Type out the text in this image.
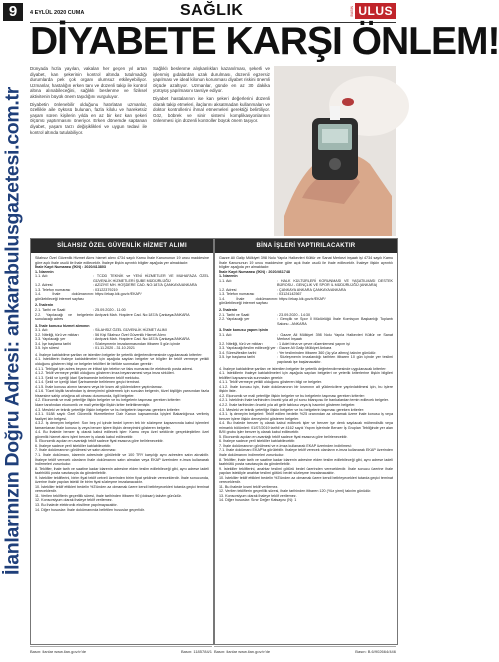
9
İlanlarınızın Doğru Adresi: ankarabulusgazetesi.com.tr
4 EYLÜL 2020 CUMA	SAĞLIK	BASIN ULUS
DİYABETE KARŞI ÖNLEM!

Dünyada hızla yayılan, vakaları her geçen yıl artan diyabet, kan şekerinin kontrol altında tutulmadığı durumlarda pek çok organı olumsuz etkileyebiliyor. Uzmanlar, hastalığın erken tanı ve düzenli takip ile kontrol altına alınabileceğini, sağlıklı beslenme ve fiziksel aktivitenin büyük önem taşıdığını vurguluyor.

Diyabetin önlenebilir olduğunu hatırlatan uzmanlar, özellikle aile öyküsü bulunan, fazla kilolu ve hareketsiz yaşam süren kişilerin yılda en az bir kez kan şekeri ölçümü yaptırmasını öneriyor. Erken dönemde saptanan diyabet, yaşam tarzı değişiklikleri ve uygun tedavi ile kontrol altında tutulabiliyor.

Sağlıklı beslenme alışkanlıkları kazanılması, şekerli ve işlenmiş gıdalardan uzak durulması, düzenli egzersiz yapılması ve ideal kilonun korunması diyabet riskini önemli ölçüde azaltıyor. Uzmanlar, günde en az 30 dakika yürüyüş yapılmasını tavsiye ediyor.

Diyabet hastalarının ise kan şekeri değerlerini düzenli olarak takip etmeleri, ilaçlarını aksatmadan kullanmaları ve doktor kontrollerini ihmal etmemeleri gerektiği belirtiliyor. Göz, böbrek ve sinir sistemi komplikasyonlarının önlenmesi için düzenli kontroller büyük önem taşıyor.

SİLAHSIZ ÖZEL GÜVENLİK HİZMET ALIMI
Silahsız Özel Güvenlik Hizmet Alımı hizmet alımı 4734 sayılı Kamu İhale Kanununun 19 uncu maddesine göre açık ihale usulü ile ihale edilecektir. İhaleye ilişkin ayrıntılı bilgiler aşağıda yer almaktadır:
İhale Kayıt Numarası (İKN) : 2020/413803
1- İdarenin
1.1. Adı	: TCDD TEKNİK ve YENİ HİZMETLER VE MUHAFAZA ÖZEL GÜVENLİK HİZMETLERİ ŞUBE MÜDÜRLÜĞÜ
1.2. Adresi	: AZİZİYE MH. HOŞDERE CAD. NO:187/A ÇANKAYA/ANKARA
1.3. Telefon numarası	: 03122379219
1.4. İhale dokümanının görülebileceği internet sayfası
: https://ekap.kik.gov.tr/EKAP/
2- İhalenin
2.1. Tarihi ve Saati	: 25.09.2020 - 11:00
2.2. Yapılacağı ve belgelerin sunulacağı adres
: Anıtpark Mah. Hoşdere Cad. No:187/A Çankaya/ANKARA
3- İhale konusu hizmet alımının
3.1. Adı	: SİLAHSIZ ÖZEL GÜVENLİK HİZMET ALIMI
3.2. Niteliği, türü ve miktarı	: 56 Kişi Silahsız Özel Güvenlik Hizmet Alımı
3.3. Yapılacağı yer	: Anıtpark Mah. Hoşdere Cad. No:187/A Çankaya/ANKARA
3.4. İşe başlama tarihi	: Sözleşmenin imzalanmasından itibaren 5 gün içinde
3.5. İşin süresi	: 01.11.2020 - 31.10.2021
4. İhaleye katılabilme şartları ve istenilen belgeler ile yeterlik değerlendirmesinde uygulanacak kriterler:
4.1. İsteklilerin ihaleye katılabilmeleri için aşağıda sayılan belgeler ve bilgiler ile teklif vermeye yetkili olduğunu gösteren bilgi ve belgeler teklifleri ile birlikte sunmaları gerekir:
4.1.1. Tebligat için adres beyanı ve irtibat için telefon ve faks numarası ile elektronik posta adresi.
4.1.2. Teklif vermeye yetkili olduğunu gösteren imza beyannamesi veya imza sirküleri.
4.1.3. Şekli ve içeriği İdari Şartnamede belirlenen teklif mektubu.
4.1.4. Şekli ve içeriği İdari Şartnamede belirlenen geçici teminat.
4.1.5. İhale konusu alımın tamamı veya bir kısmı alt yüklenicilere yaptırılamaz.
4.1.6. Tüzel kişilik tarafından iş deneyimini göstermek için sunulan belgenin, tüzel kişiliğin yarısından fazla hissesine sahip ortağına ait olması durumunda, ilgili belgeler.
4.2. Ekonomik ve mali yeterliğe ilişkin belgeler ve bu belgelerin taşıması gereken kriterler:
İdare tarafından ekonomik ve mali yeterliğe ilişkin kriter belirtilmemiştir.
4.3. Mesleki ve teknik yeterliğe ilişkin belgeler ve bu belgelerin taşıması gereken kriterler:
4.3.1. 5188 sayılı Özel Güvenlik Hizmetlerine Dair Kanun kapsamında İçişleri Bakanlığınca verilmiş faaliyet izin belgesi.
4.3.2. İş deneyim belgeleri: Son beş yıl içinde bedel içeren tek bir sözleşme kapsamında kabul işlemleri tamamlanan ihale konusu iş veya benzer işlere ilişkin deneyimini gösteren belgeler.
4.4. Bu ihalede benzer iş olarak kabul edilecek işler: Kamu veya özel sektörde gerçekleştirilen özel güvenlik hizmet alımı işleri benzer iş olarak kabul edilecektir.
5. Ekonomik açıdan en avantajlı teklif sadece fiyat esasına göre belirlenecektir.
6. İhaleye sadece yerli istekliler katılabilecektir.
7. İhale dokümanının görülmesi ve satın alınması:
7.1. İhale dokümanı, idarenin adresinde görülebilir ve 100 TRY karşılığı aynı adresten satın alınabilir. İhaleye teklif verecek olanların ihale dokümanını satın almaları veya EKAP üzerinden e-imza kullanarak indirmeleri zorunludur.
8. Teklifler, ihale tarih ve saatine kadar idarenin adresine elden teslim edilebileceği gibi, aynı adrese iadeli taahhütlü posta vasıtasıyla da gönderilebilir.
9. İstekliler tekliflerini, birim fiyat teklif cetveli üzerinden birim fiyat şeklinde vereceklerdir. İhale sonucunda, üzerine ihale yapılan istekli ile birim fiyat sözleşme imzalanacaktır.
10. İstekliler teklif ettikleri bedelin %3'ünden az olmamak üzere kendi belirleyecekleri tutarda geçici teminat vereceklerdir.
11. Verilen tekliflerin geçerlilik süresi, ihale tarihinden itibaren 90 (doksan) takvim günüdür.
12. Konsorsiyum olarak ihaleye teklif verilemez.
13. Bu ihalede elektronik eksiltme yapılmayacaktır.
14. Diğer hususlar: İhale dokümanında belirtilen hususlar geçerlidir.
BİNA İŞLERİ YAPTIRILACAKTIR
Gazze Ali Galip Mülkiyet 398 Nolu Yapıla Halkevleri Kültür ve Sanat Merkezi inşaatı işi 4734 sayılı Kamu İhale Kanununun 19 uncu maddesine göre açık ihale usulü ile ihale edilecektir. İhaleye ilişkin ayrıntılı bilgiler aşağıda yer almaktadır:
İhale Kayıt Numarası (İKN) : 2020/461748
1- İdarenin
1.1. Adı	: HALK KÜLTÜRLERİ KORUNMASI VE YAŞATILMASI DESTEK BÜROSU - GENÇLİK VE SPOR İL MÜDÜRLÜĞÜ (ANKARA)
1.2. Adresi	: ÇANKAYA ANKARA ÇANKAYA/ANKARA
1.3. Telefon numarası	: 03124142567
1.4. İhale dokümanının görülebileceği internet sayfası
: https://ekap.kik.gov.tr/EKAP/
2- İhalenin
2.1. Tarihi ve Saati	: 23.09.2020 - 14:30
2.2. Yapılacağı yer	: Gençlik ve Spor İl Müdürlüğü İhale Komisyon Başkanlığı Toplantı Salonu - ANKARA
3- İhale konusu yapım işinin
3.1. Adı	: Gazze Ali Mülkiyet 398 Nolu Yapıla Halkevleri Kültür ve Sanat Merkezi İnşaatı
3.2. Niteliği, türü ve miktarı	: 1 Adet bina ve çevre düzenlemesi yapım işi
3.3. Yapılacağı/teslim edileceği yer : Gazze Ali Galip Mülkiyet Ankara
3.4. Süresi/teslim tarihi	: Yer tesliminden itibaren 360 (üç yüz altmış) takvim günüdür.
3.5. İşe başlama tarihi	: Sözleşmenin imzalandığı tarihten itibaren 10 gün içinde yer teslimi yapılarak işe başlanacaktır.
4. İhaleye katılabilme şartları ve istenilen belgeler ile yeterlik değerlendirmesinde uygulanacak kriterler:
4.1. İsteklilerin ihaleye katılabilmeleri için aşağıda sayılan belgeleri ve yeterlik kriterlerine ilişkin bilgileri teklifleri kapsamında sunmaları gerekir:
4.1.1. Teklif vermeye yetkili olduğunu gösteren bilgi ve belgeler.
4.1.2. İhale konusu işin, ihale dokümanının bir kısmının alt yüklenicilere yaptırılabilmesi için, bu işlere ilişkin liste.
4.2. Ekonomik ve mali yeterliğe ilişkin belgeler ve bu belgelerin taşıması gereken kriterler:
4.2.1. İsteklinin ihale tarihinden önceki yıla ait yıl sonu bilançosu ile bankalardan temin edilecek belgeler.
4.2.2. İhale tarihinden önceki yıla ait gelir tablosu veya iş hacmini gösteren belgeler.
4.3. Mesleki ve teknik yeterliğe ilişkin belgeler ve bu belgelerin taşıması gereken kriterler:
4.3.1. İş deneyim belgeleri: Teklif edilen bedelin %25 oranından az olmamak üzere ihale konusu iş veya benzer işlere ilişkin deneyimini gösteren belgeler.
4.4. Bu ihalede benzer iş olarak kabul edilecek işler ve benzer işe denk sayılacak mühendislik veya mimarlık bölümleri: 01/07/2019 tarihli ve 4162 sayılı Yapım İşlerinde Benzer İş Grupları Tebliğinde yer alan B/III grubu işler benzer iş olarak kabul edilecektir.
5. Ekonomik açıdan en avantajlı teklif sadece fiyat esasına göre belirlenecektir.
6. İhaleye sadece yerli istekliler katılabilecektir.
7. İhale dokümanının görülmesi ve e-imza kullanarak EKAP üzerinden indirilmesi:
7.1. İhale dokümanı EKAP'ta görülebilir. İhaleye teklif verecek olanların e-imza kullanarak EKAP üzerinden ihale dokümanını indirmeleri zorunludur.
8. Teklifler, ihale tarih ve saatine kadar idarenin adresine elden teslim edilebileceği gibi, aynı adrese iadeli taahhütlü posta vasıtasıyla da gönderilebilir.
9. İstekliler tekliflerini, anahtar teslimi götürü bedel üzerinden vereceklerdir. İhale sonucu üzerine ihale yapılan istekliyle anahtar teslimi götürü bedel sözleşme imzalanacaktır.
10. İstekliler teklif ettikleri bedelin %3'ünden az olmamak üzere kendi belirleyecekleri tutarda geçici teminat vereceklerdir.
11. Bu ihalede kısmi teklif verilemez.
12. Verilen tekliflerin geçerlilik süresi, ihale tarihinden itibaren 120 (Yüz yirmi) takvim günüdür.
13. Konsorsiyum olarak ihaleye teklif verilemez.
14. Diğer hususlar: Sınır Değer Katsayısı (N): 1
Basın: ilanlar www.ilan.gov.tr'de	Basın: 1185784/1 Basın: ilanlar www.ilan.gov.tr'de	Basın: B.6/902664/446
